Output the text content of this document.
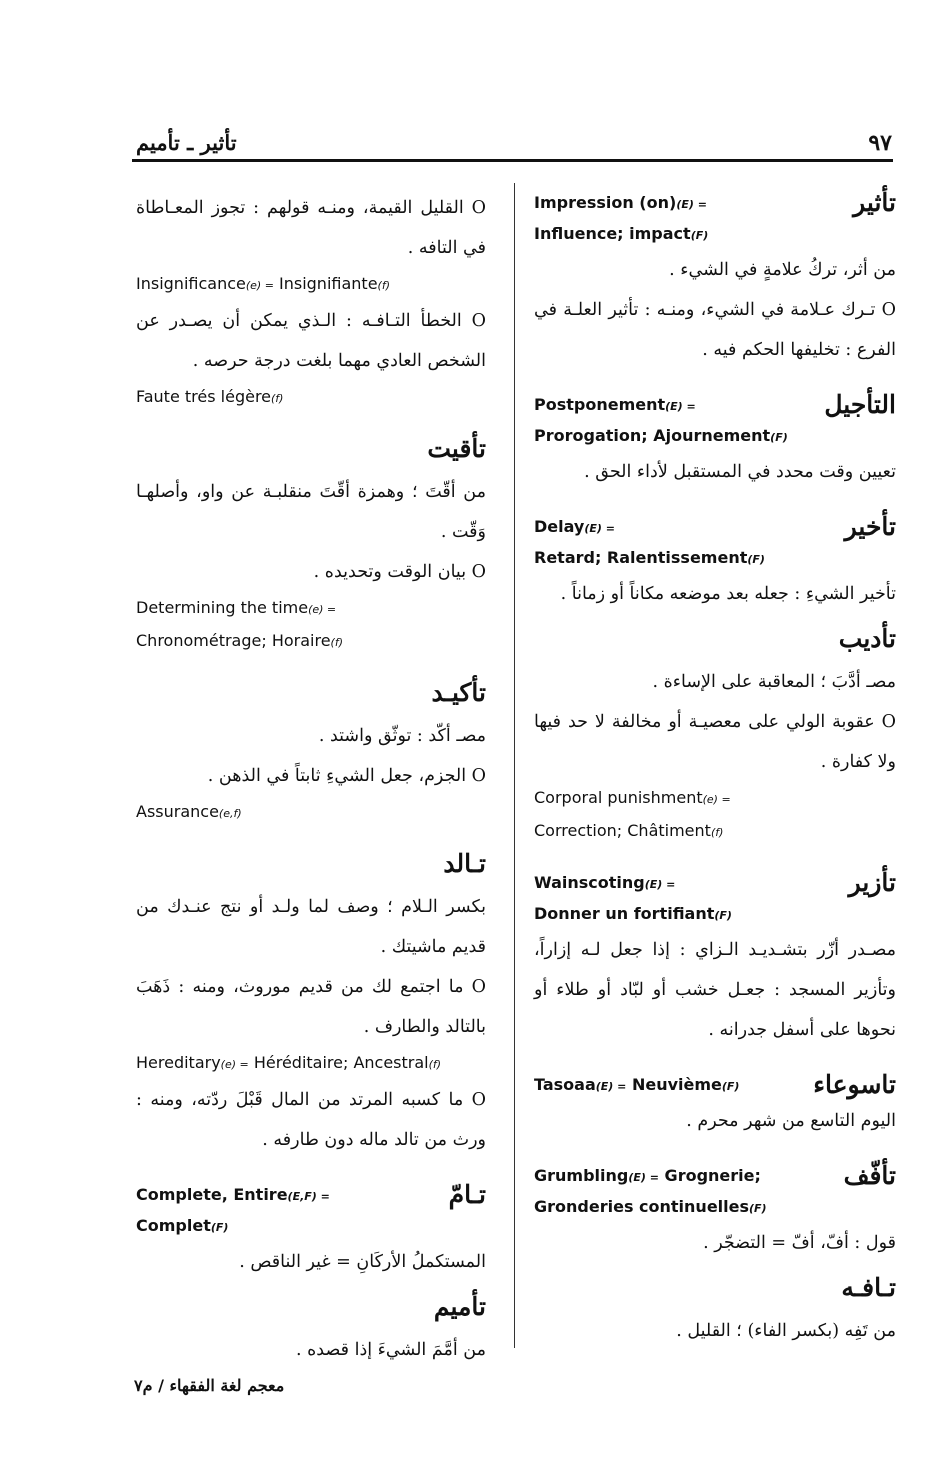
تأثير ـ تأميم	٩٧
تأثير
Impression (on)(E) =
Influence; impact(F)
من أثر، تركُ علامةٍ في الشيء .
O تـرك عـلامة في الشيء، ومنـه : تأثير العلـة في الفرع : تخليفها الحكم فيه .
التأجيل
Postponement(E) =
Prorogation; Ajournement(F)
تعيين وقت محدد في المستقبل لأداء الحق .
تأخير
Delay(E) =
Retard; Ralentissement(F)
تأخير الشيءِ : جعله بعد موضعه مكاناً أو زماناً .
تأديب
مصـ أدَّبَ ؛ المعاقبة على الإساءة .
O عقوبة الولي على معصيـة أو مخالفة لا حد فيها ولا كفارة .
Corporal punishment(e) =
Correction; Châtiment(f)
تأزير
Wainscoting(E) =
Donner un fortifiant(F)
مصـدر أزّر بتشـديـد الـزاي : إذا جعل لـه إزاراً، وتأزير المسجد : جعـل خشب أو لبّاد أو طلاء أو نحوها على أسفل جدرانه .
تاسوعاء
Tasoaa(E) = Neuvième(F)
اليوم التاسع من شهر محرم .
تأفّف
Grumbling(E) = Grognerie;
Gronderies continuelles(F)
قول : أفّ، أفّ = التضجّر .
تـافـه
من تَفِه (بكسر الفاء) ؛ القليل .
O القليل القيمة، ومنـه قولهم : تجوز المعـاطاة في التافه .
Insignificance(e) = Insignifiante(f)
O الخطأ التـافـه : الـذي يمكن أن يصـدر عن الشخص العادي مهما بلغت درجة حرصه .
Faute trés légère(f)
تأقيت
من أقّتَ ؛ وهمزة أقّتَ منقلبـة عن واو، وأصلهـا وَقّت .
O بيان الوقت وتحديده .
Determining the time(e) =
Chronométrage; Horaire(f)
تأكيـد
مصـ أكّد : توثّق واشتد .
O الجزم، جعل الشيءِ ثابتاً في الذهن .
Assurance(e,f)
تـالد
بكسر الـلام ؛ وصف لما ولـد أو نتج عنـدك من قديم ماشيتك .
O ما اجتمع لك من قديم موروث، ومنه : ذَهَبَ بالتالد والطارف .
Hereditary(e) = Héréditaire; Ancestral(f)
O ما كسبه المرتد من المال قَبْلَ ردّته، ومنه : ورث من تالد ماله دون طارفه .
تـامّ
Complete, Entire(E,F) =
Complet(F)
المستكملُ الأركَانِ = غير الناقص .
تأميم
من أمَّمَ الشيءَ إذا قصده .
معجم لغة الفقهاء / م٧
